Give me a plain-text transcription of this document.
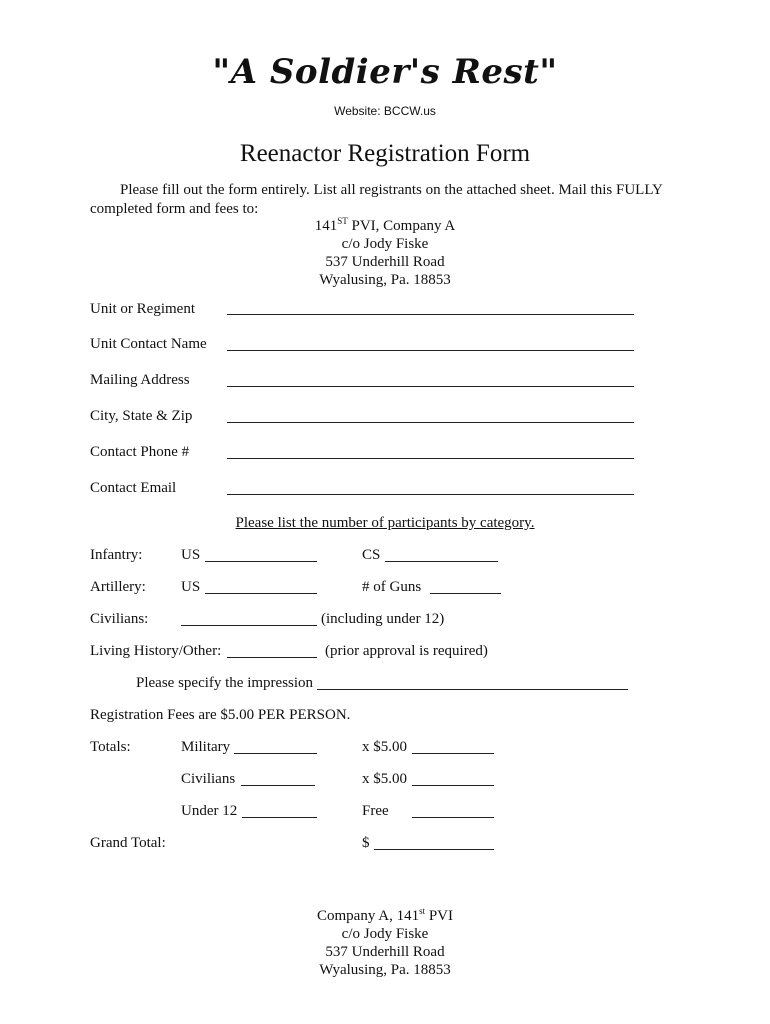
"A Soldier's Rest"
Website: BCCW.us
Reenactor Registration Form
Please fill out the form entirely. List all registrants on the attached sheet. Mail this FULLY completed form and fees to:
141ST PVI, Company A
c/o Jody Fiske
537 Underhill Road
Wyalusing, Pa. 18853
Unit or Regiment
Unit Contact Name
Mailing Address
City, State & Zip
Contact Phone #
Contact Email
Please list the number of participants by category.
Infantry:	US	CS
Artillery: US	# of Guns
Civilians:	(including under 12)
Living History/Other:	(prior approval is required)
Please specify the impression
Registration Fees are $5.00 PER PERSON.
Totals:	Military	x $5.00
Civilians	x $5.00
Under 12	Free
Grand Total:	$
Company A, 141st PVI
c/o Jody Fiske
537 Underhill Road
Wyalusing, Pa. 18853
